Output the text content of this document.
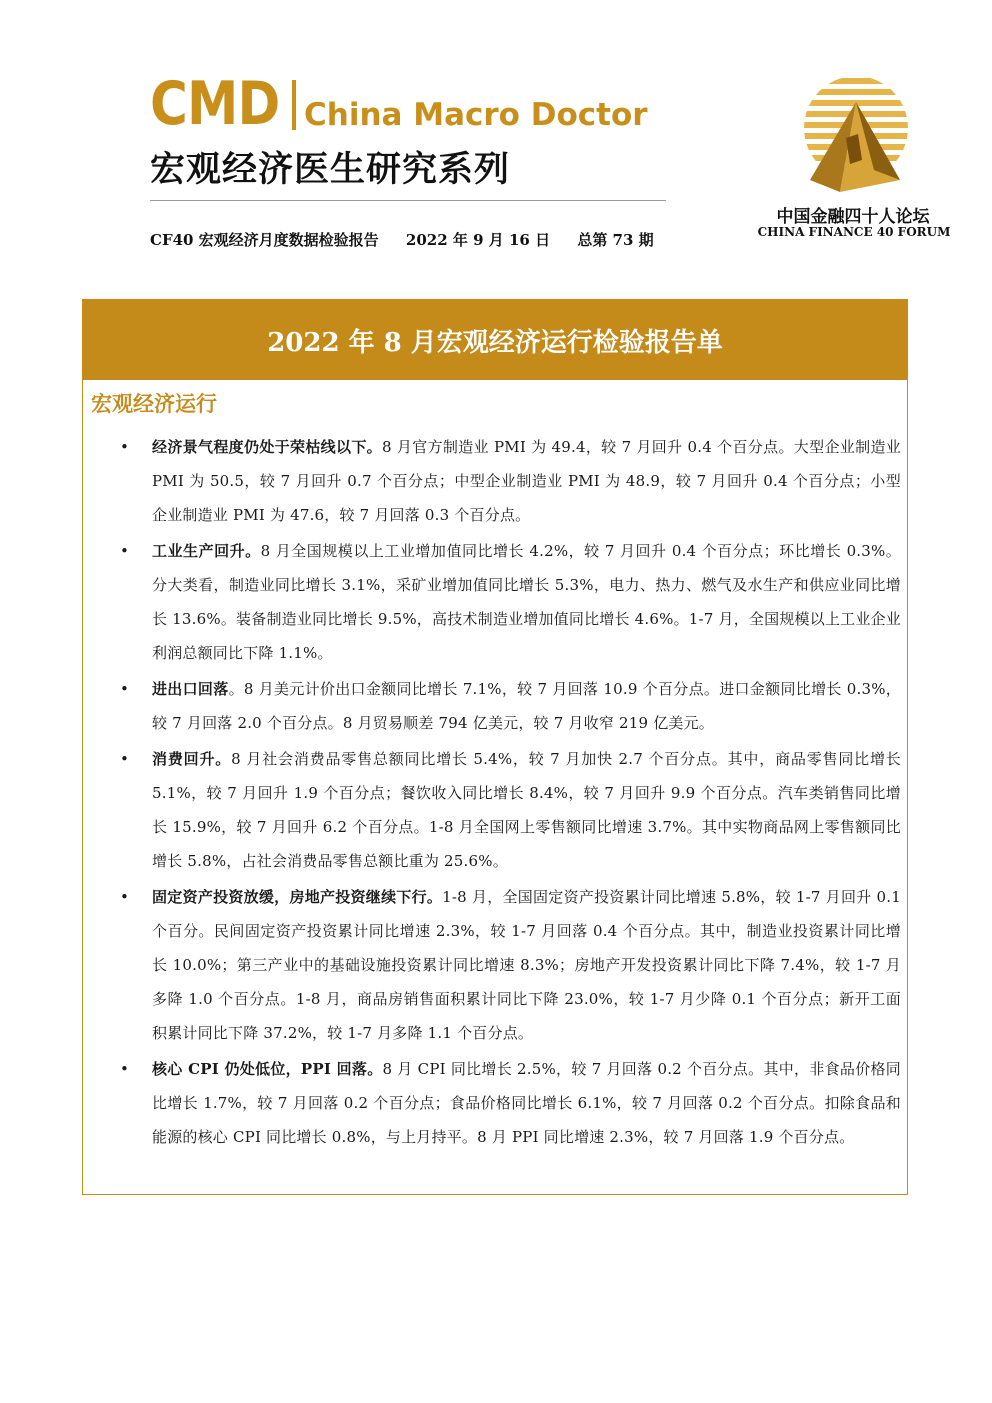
CMD China Macro Doctor
宏观经济医生研究系列
CF40 宏观经济月度数据检验报告 2022 年 9 月 16 日 总第 73 期
中国金融四十人论坛
CHINA FINANCE 40 FORUM
2022 年 8 月宏观经济运行检验报告单
宏观经济运行
• 经济景气程度仍处于荣枯线以下。8 月官方制造业 PMI 为 49.4，较 7 月回升 0.4 个百分点。大型企业制造业 PMI 为 50.5，较 7 月回升 0.7 个百分点；中型企业制造业 PMI 为 48.9，较 7 月回升 0.4 个百分点；小型企业制造业 PMI 为 47.6，较 7 月回落 0.3 个百分点。
• 工业生产回升。8 月全国规模以上工业增加值同比增长 4.2%，较 7 月回升 0.4 个百分点；环比增长 0.3%。分大类看，制造业同比增长 3.1%，采矿业增加值同比增长 5.3%，电力、热力、燃气及水生产和供应业同比增长 13.6%。装备制造业同比增长 9.5%，高技术制造业增加值同比增长 4.6%。1-7 月，全国规模以上工业企业利润总额同比下降 1.1%。
• 进出口回落。8 月美元计价出口金额同比增长 7.1%，较 7 月回落 10.9 个百分点。进口金额同比增长 0.3%，较 7 月回落 2.0 个百分点。8 月贸易顺差 794 亿美元，较 7 月收窄 219 亿美元。
• 消费回升。8 月社会消费品零售总额同比增长 5.4%，较 7 月加快 2.7 个百分点。其中，商品零售同比增长 5.1%，较 7 月回升 1.9 个百分点；餐饮收入同比增长 8.4%，较 7 月回升 9.9 个百分点。汽车类销售同比增长 15.9%，较 7 月回升 6.2 个百分点。1-8 月全国网上零售额同比增速 3.7%。其中实物商品网上零售额同比增长 5.8%，占社会消费品零售总额比重为 25.6%。
• 固定资产投资放缓，房地产投资继续下行。1-8 月，全国固定资产投资累计同比增速 5.8%，较 1-7 月回升 0.1 个百分。民间固定资产投资累计同比增速 2.3%，较 1-7 月回落 0.4 个百分点。其中，制造业投资累计同比增长 10.0%；第三产业中的基础设施投资累计同比增速 8.3%；房地产开发投资累计同比下降 7.4%，较 1-7 月多降 1.0 个百分点。1-8 月，商品房销售面积累计同比下降 23.0%，较 1-7 月少降 0.1 个百分点；新开工面积累计同比下降 37.2%，较 1-7 月多降 1.1 个百分点。
• 核心 CPI 仍处低位，PPI 回落。8 月 CPI 同比增长 2.5%，较 7 月回落 0.2 个百分点。其中，非食品价格同比增长 1.7%，较 7 月回落 0.2 个百分点；食品价格同比增长 6.1%，较 7 月回落 0.2 个百分点。扣除食品和能源的核心 CPI 同比增长 0.8%，与上月持平。8 月 PPI 同比增速 2.3%，较 7 月回落 1.9 个百分点。
